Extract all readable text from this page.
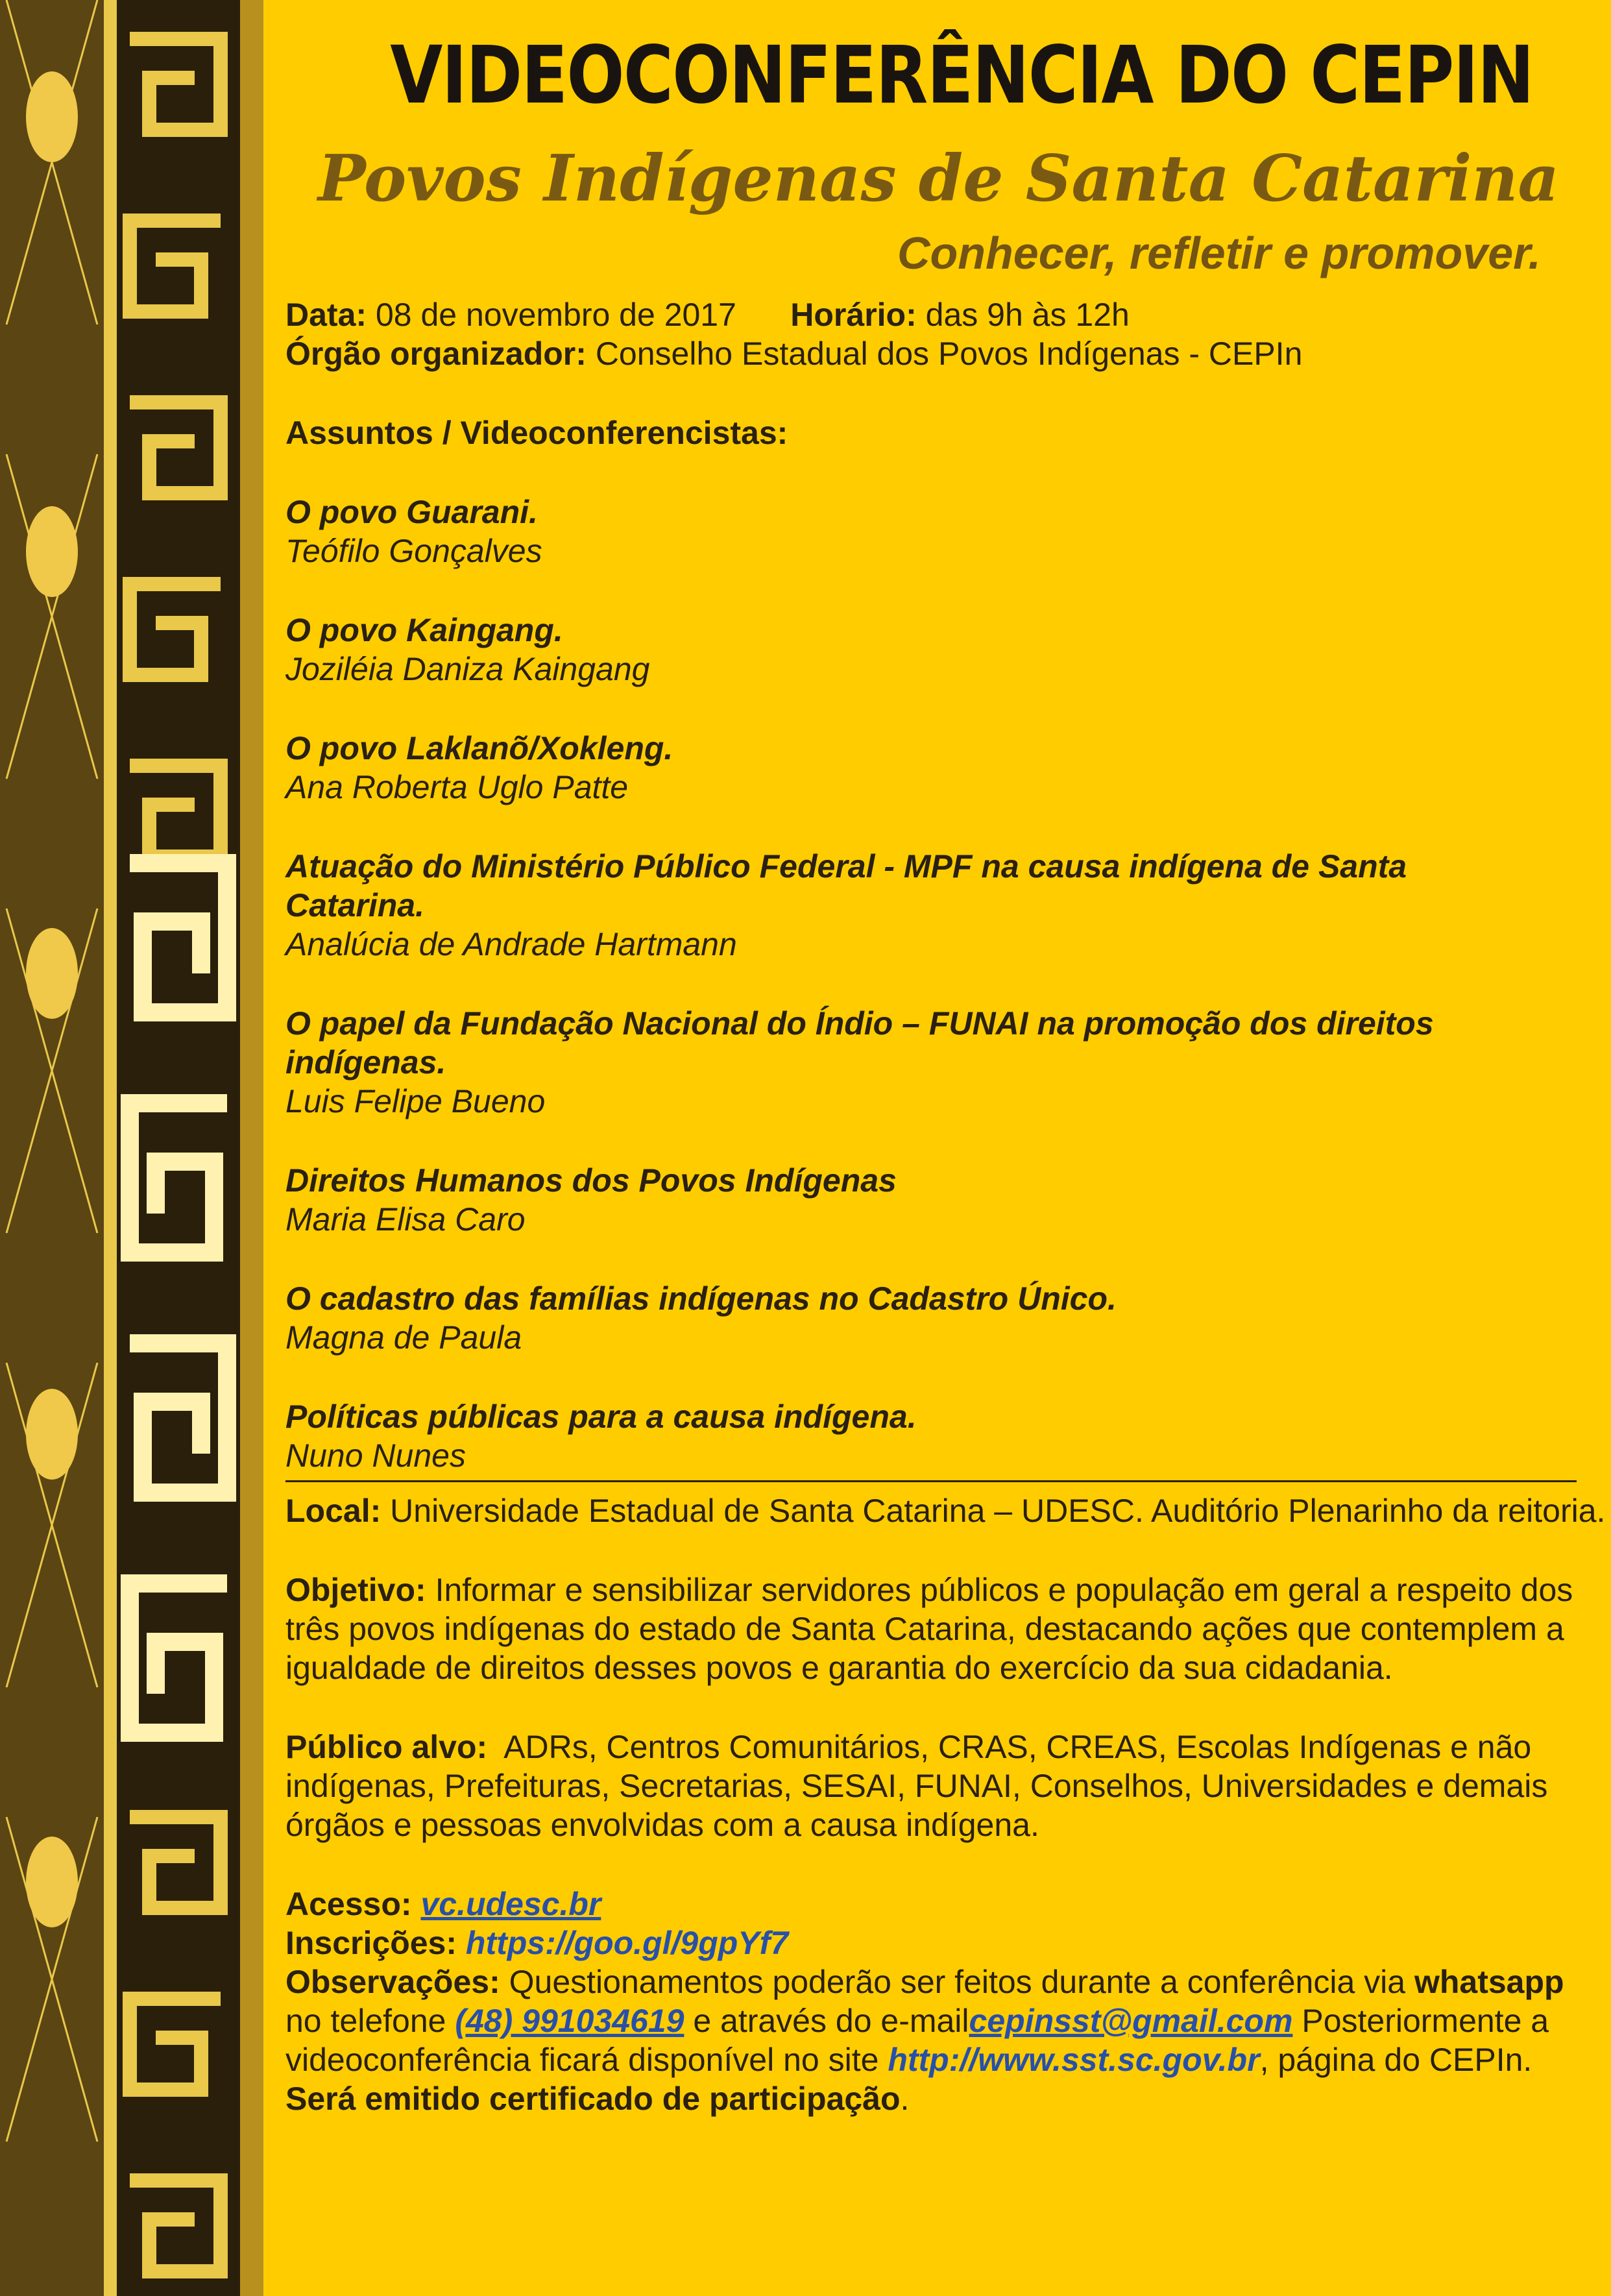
VIDEOCONFERÊNCIA DO CEPIN
Povos Indígenas de Santa Catarina
Conhecer, refletir e promover.

Data: 08 de novembro de 2017 Horário: das 9h às 12h

Órgão organizador: Conselho Estadual dos Povos Indígenas - CEPIn

Assuntos / Videoconferencistas:

O povo Guarani.

Teófilo Gonçalves

O povo Kaingang.

Joziléia Daniza Kaingang

O povo Laklanõ/Xokleng.

Ana Roberta Uglo Patte

Atuação do Ministério Público Federal - MPF na causa indígena de Santa Catarina.

Analúcia de Andrade Hartmann

O papel da Fundação Nacional do Índio – FUNAI na promoção dos direitos indígenas.

Luis Felipe Bueno

Direitos Humanos dos Povos Indígenas

Maria Elisa Caro

O cadastro das famílias indígenas no Cadastro Único.

Magna de Paula

Políticas públicas para a causa indígena.

Nuno Nunes

Local: Universidade Estadual de Santa Catarina – UDESC. Auditório Plenarinho da reitoria.

Objetivo: Informar e sensibilizar servidores públicos e população em geral a respeito dos três povos indígenas do estado de Santa Catarina, destacando ações que contemplem a igualdade de direitos desses povos e garantia do exercício da sua cidadania.

Público alvo: ADRs, Centros Comunitários, CRAS, CREAS, Escolas Indígenas e não indígenas, Prefeituras, Secretarias, SESAI, FUNAI, Conselhos, Universidades e demais órgãos e pessoas envolvidas com a causa indígena.

Acesso: vc.udesc.br

Inscrições: https://goo.gl/9gpYf7

Observações: Questionamentos poderão ser feitos durante a conferência via whatsapp no telefone (48) 991034619 e através do e-mailcepinsst@gmail.com Posteriormente a videoconferência ficará disponível no site http://www.sst.sc.gov.br, página do CEPIn. Será emitido certificado de participação.
